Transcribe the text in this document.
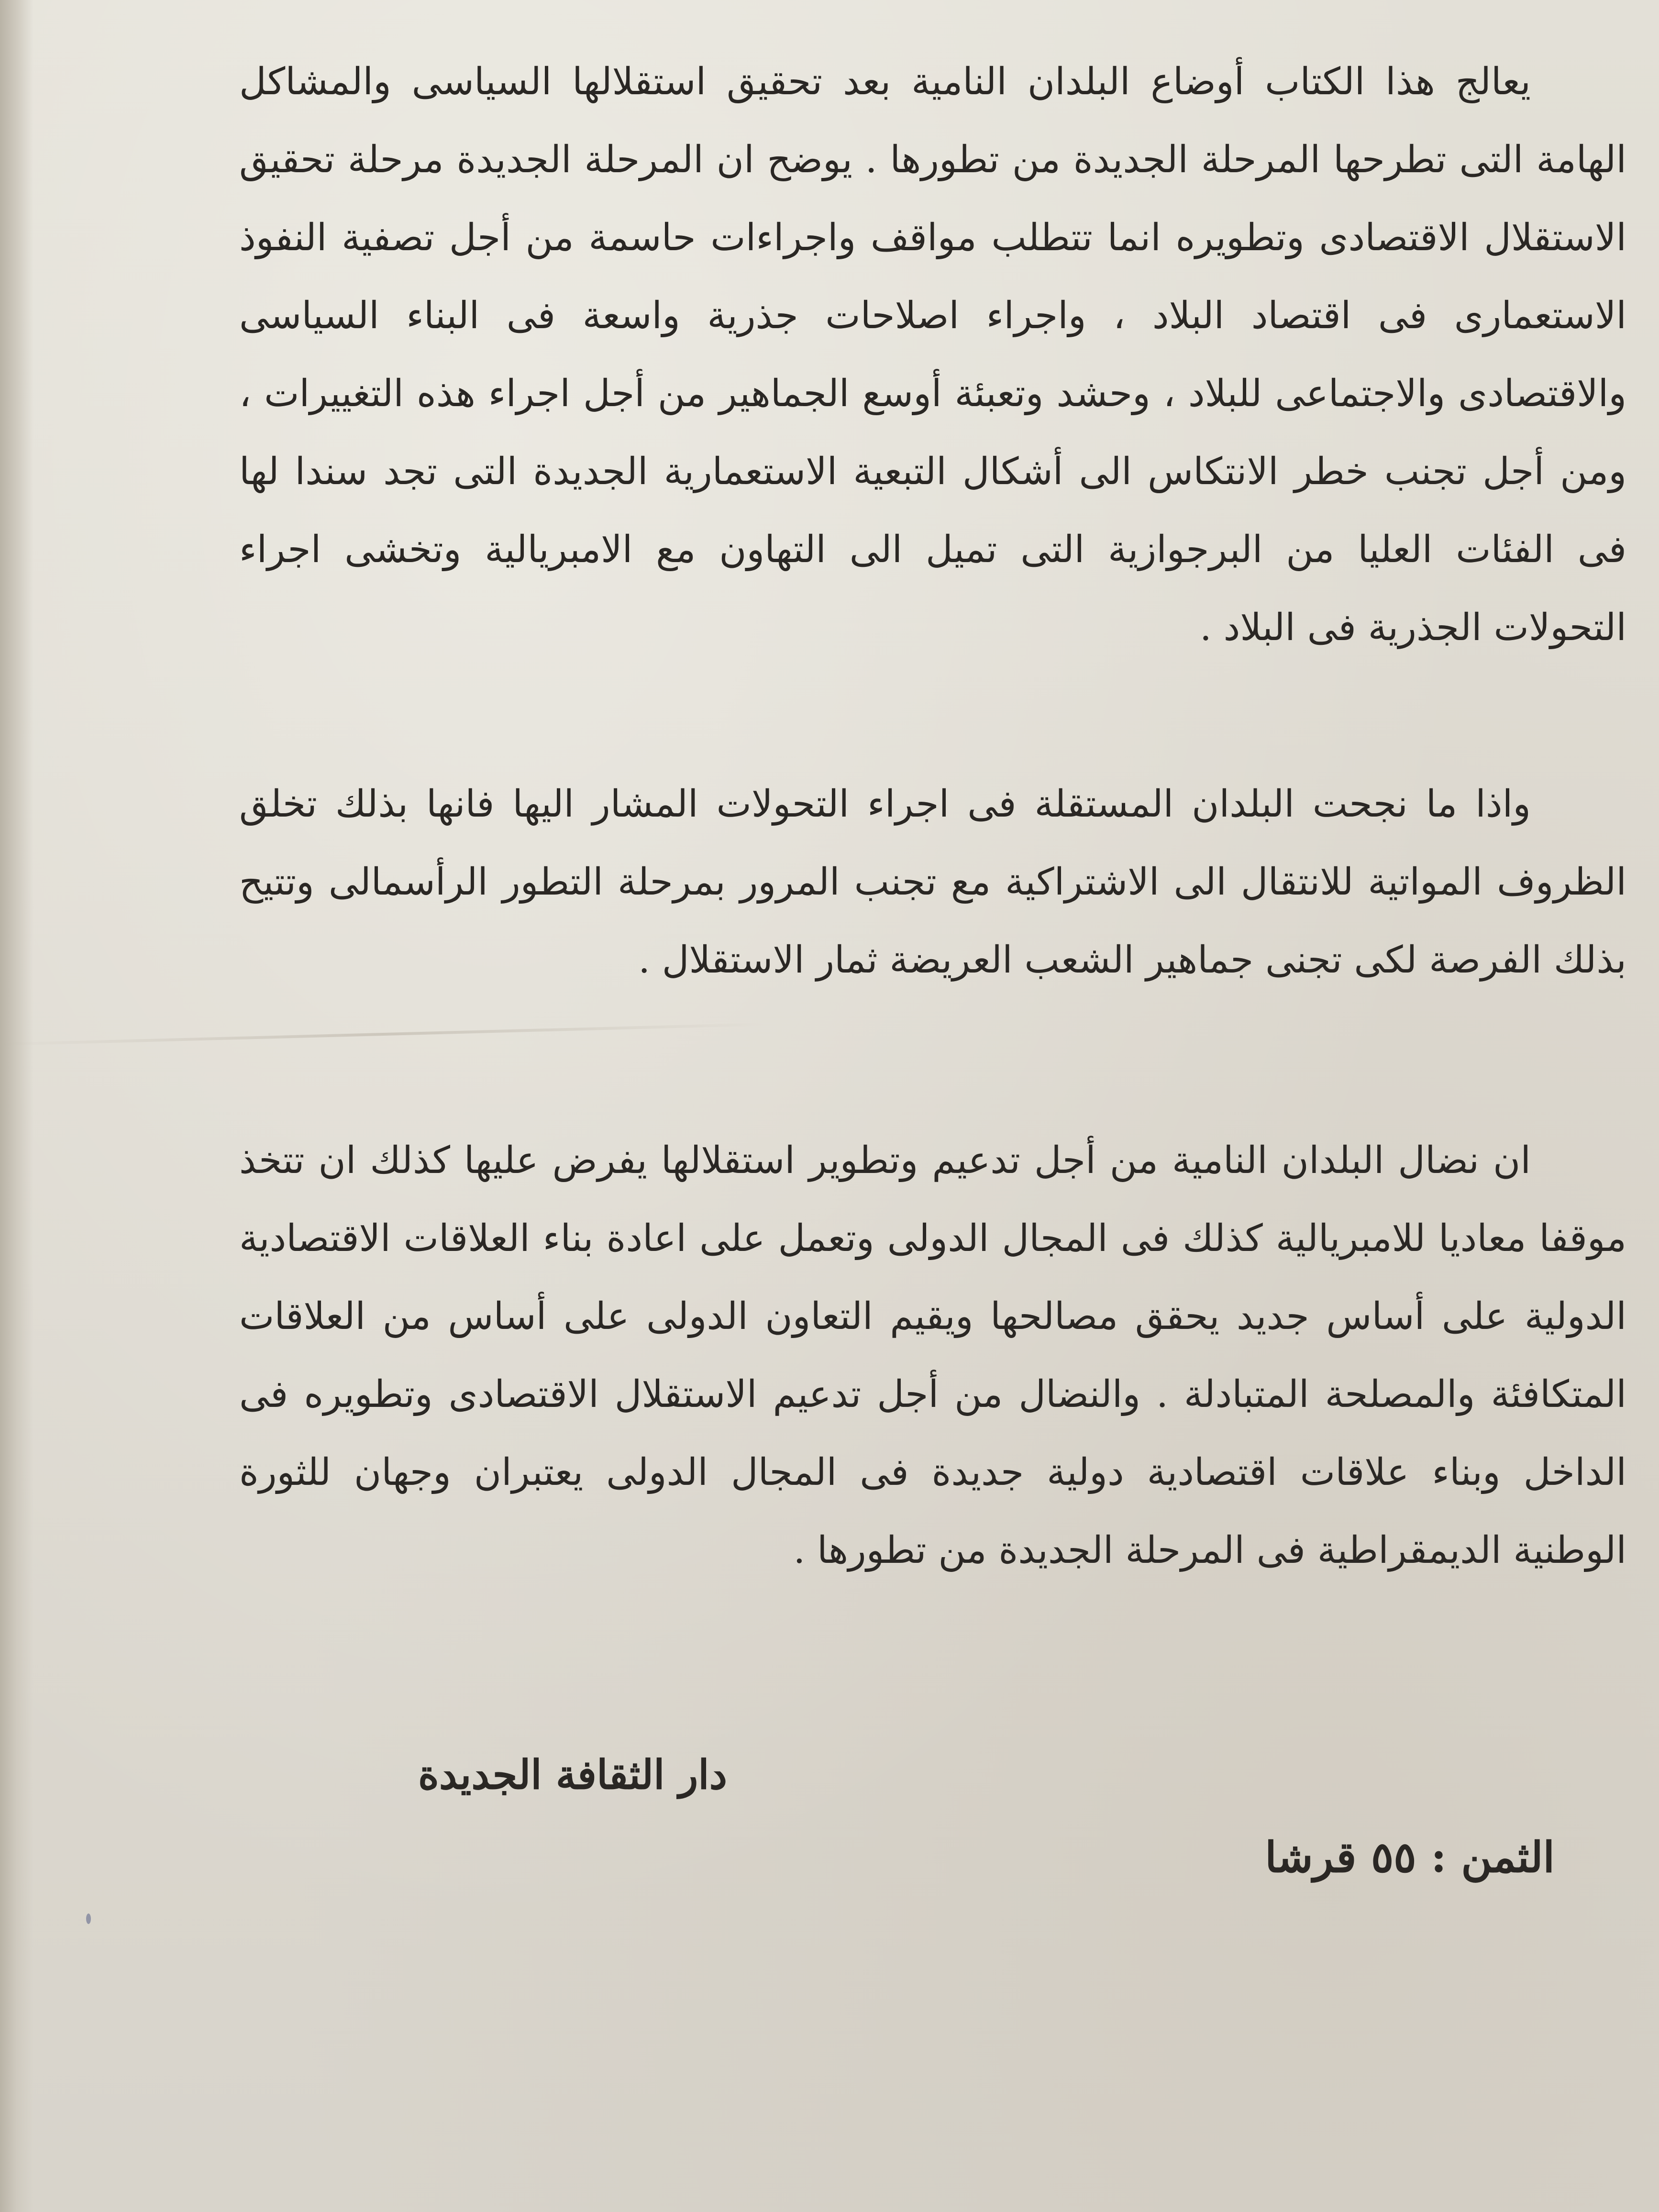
يعالج هذا الكتاب أوضاع البلدان النامية بعد تحقيق استقلالها السياسى والمشاكل الهامة التى تطرحها المرحلة الجديدة من تطورها . يوضح ان المرحلة الجديدة مرحلة تحقيق الاستقلال الاقتصادى وتطويره انما تتطلب مواقف واجراءات حاسمة من أجل تصفية النفوذ الاستعمارى فى اقتصاد البلاد ، واجراء اصلاحات جذرية واسعة فى البناء السياسى والاقتصادى والاجتماعى للبلاد ، وحشد وتعبئة أوسع الجماهير من أجل اجراء هذه التغييرات ، ومن أجل تجنب خطر الانتكاس الى أشكال التبعية الاستعمارية الجديدة التى تجد سندا لها فى الفئات العليا من البرجوازية التى تميل الى التهاون مع الامبريالية وتخشى اجراء التحولات الجذرية فى البلاد .

واذا ما نجحت البلدان المستقلة فى اجراء التحولات المشار اليها فانها بذلك تخلق الظروف المواتية للانتقال الى الاشتراكية مع تجنب المرور بمرحلة التطور الرأسمالى وتتيح بذلك الفرصة لكى تجنى جماهير الشعب العريضة ثمار الاستقلال .

ان نضال البلدان النامية من أجل تدعيم وتطوير استقلالها يفرض عليها كذلك ان تتخذ موقفا معاديا للامبريالية كذلك فى المجال الدولى وتعمل على اعادة بناء العلاقات الاقتصادية الدولية على أساس جديد يحقق مصالحها ويقيم التعاون الدولى على أساس من العلاقات المتكافئة والمصلحة المتبادلة . والنضال من أجل تدعيم الاستقلال الاقتصادى وتطويره فى الداخل وبناء علاقات اقتصادية دولية جديدة فى المجال الدولى يعتبران وجهان للثورة الوطنية الديمقراطية فى المرحلة الجديدة من تطورها .

دار الثقافة الجديدة
الثمن : ٥٥ قرشا
